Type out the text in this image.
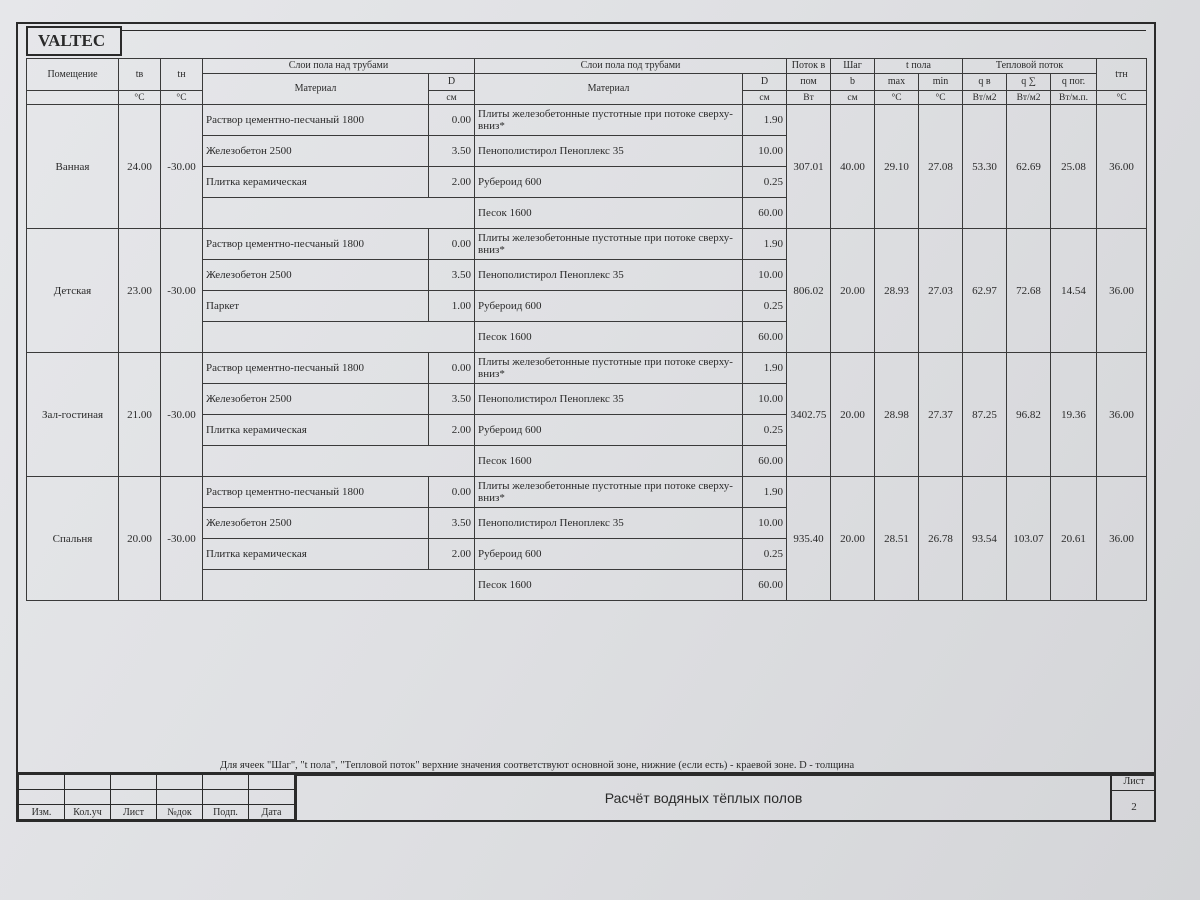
VALTEC
Помещение	tв	tн	Слои пола над трубами		Слои пола под трубами		Поток в	Шаг	t пола		Тепловой поток			tтн
			Материал	D	Материал	D	пом	b	max	min	q в	q ∑	q пог.	
	°С	°С		см		см	Вт	см	°С	°С	Вт/м2	Вт/м2	Вт/м.п.	°С
Ванная	24.00	-30.00	Раствор цементно-песчаный 1800	0.00	Плиты железобетонные пустотные при потоке сверху-вниз*	1.90	307.01	40.00	29.10	27.08	53.30	62.69	25.08	36.00
			Железобетон 2500	3.50	Пенополистирол Пеноплекс 35	10.00								
			Плитка керамическая	2.00	Рубероид 600	0.25								
					Песок 1600	60.00								
Детская	23.00	-30.00	Раствор цементно-песчаный 1800	0.00	Плиты железобетонные пустотные при потоке сверху-вниз*	1.90	806.02	20.00	28.93	27.03	62.97	72.68	14.54	36.00
			Железобетон 2500	3.50	Пенополистирол Пеноплекс 35	10.00								
			Паркет	1.00	Рубероид 600	0.25								
					Песок 1600	60.00								
Зал-гостиная	21.00	-30.00	Раствор цементно-песчаный 1800	0.00	Плиты железобетонные пустотные при потоке сверху-вниз*	1.90	3402.75	20.00	28.98	27.37	87.25	96.82	19.36	36.00
			Железобетон 2500	3.50	Пенополистирол Пеноплекс 35	10.00								
			Плитка керамическая	2.00	Рубероид 600	0.25								
					Песок 1600	60.00								
Спальня	20.00	-30.00	Раствор цементно-песчаный 1800	0.00	Плиты железобетонные пустотные при потоке сверху-вниз*	1.90	935.40	20.00	28.51	26.78	93.54	103.07	20.61	36.00
			Железобетон 2500	3.50	Пенополистирол Пеноплекс 35	10.00								
			Плитка керамическая	2.00	Рубероид 600	0.25								
					Песок 1600	60.00								
Для ячеек "Шаг", "t пола", "Тепловой поток" верхние значения соответствуют основной зоне, нижние (если есть) - краевой зоне. D - толщина

Изм.	Кол.уч	Лист	№док	Подп.	Дата
Расчёт водяных тёплых полов
Лист
2
